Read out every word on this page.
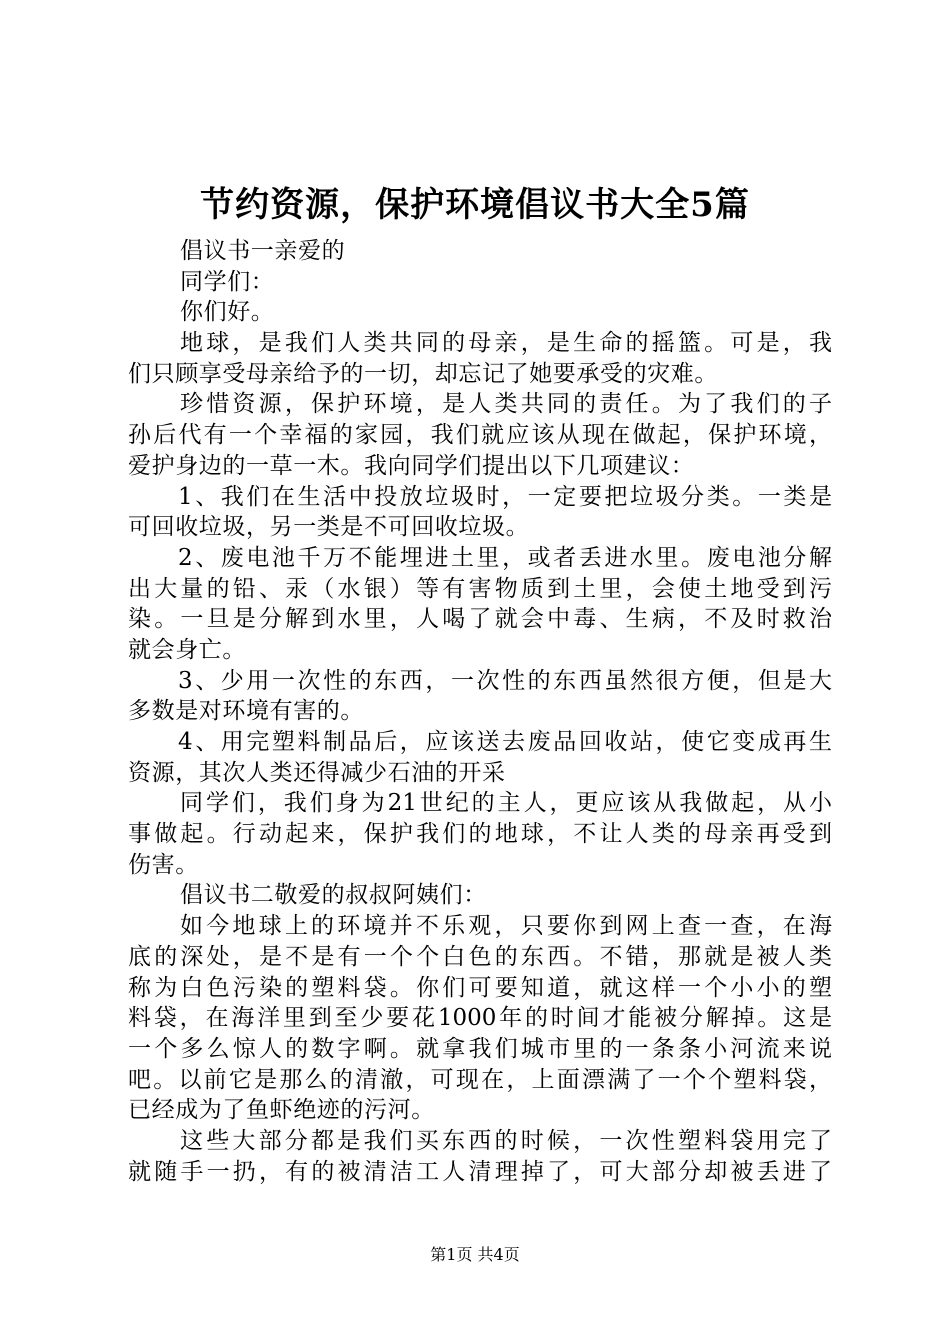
节约资源，保护环境倡议书大全5篇
倡议书一亲爱的
同学们：
你们好。
地球，是我们人类共同的母亲，是生命的摇篮。可是，我
们只顾享受母亲给予的一切，却忘记了她要承受的灾难。
珍惜资源，保护环境，是人类共同的责任。为了我们的子
孙后代有一个幸福的家园，我们就应该从现在做起，保护环境，
爱护身边的一草一木。我向同学们提出以下几项建议：
1、我们在生活中投放垃圾时，一定要把垃圾分类。一类是
可回收垃圾，另一类是不可回收垃圾。
2、废电池千万不能埋进土里，或者丢进水里。废电池分解
出大量的铅、汞（水银）等有害物质到土里，会使土地受到污
染。一旦是分解到水里，人喝了就会中毒、生病，不及时救治
就会身亡。
3、少用一次性的东西，一次性的东西虽然很方便，但是大
多数是对环境有害的。
4、用完塑料制品后，应该送去废品回收站，使它变成再生
资源，其次人类还得减少石油的开采
同学们，我们身为21世纪的主人，更应该从我做起，从小
事做起。行动起来，保护我们的地球，不让人类的母亲再受到
伤害。
倡议书二敬爱的叔叔阿姨们：
如今地球上的环境并不乐观，只要你到网上查一查，在海
底的深处，是不是有一个个白色的东西。不错，那就是被人类
称为白色污染的塑料袋。你们可要知道，就这样一个小小的塑
料袋，在海洋里到至少要花1000年的时间才能被分解掉。这是
一个多么惊人的数字啊。就拿我们城市里的一条条小河流来说
吧。以前它是那么的清澈，可现在，上面漂满了一个个塑料袋，
已经成为了鱼虾绝迹的污河。
这些大部分都是我们买东西的时候，一次性塑料袋用完了
就随手一扔，有的被清洁工人清理掉了，可大部分却被丢进了
第1页 共4页
